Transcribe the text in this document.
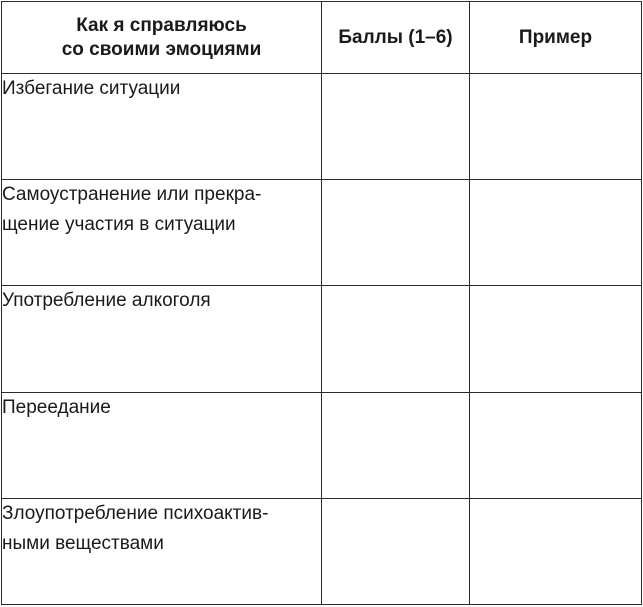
Как я справляюсь
со своими эмоциями	Баллы (1–6)	Пример

Избегание ситуации		

Самоустранение или прекра-
щение участия в ситуации		

Употребление алкоголя		

Переедание		

Злоупотребление психоактив-
ными веществами		
